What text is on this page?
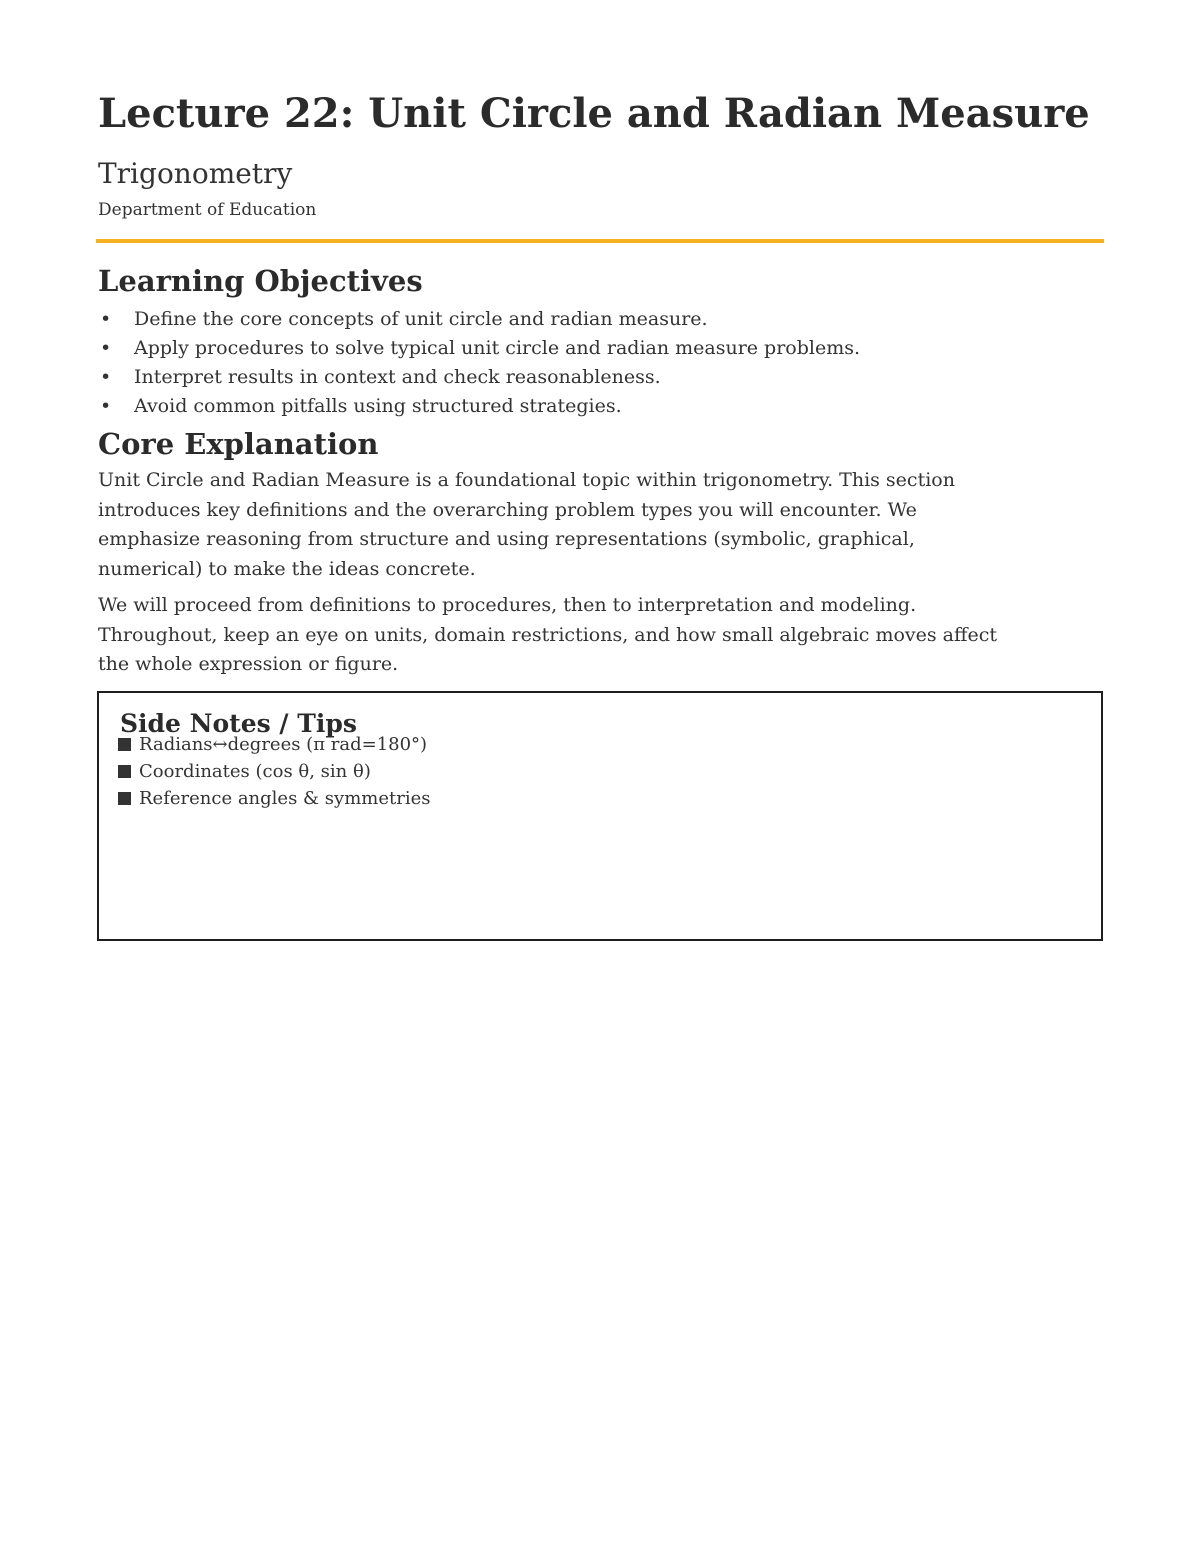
Lecture 22: Unit Circle and Radian Measure

Trigonometry

Department of Education

Learning Objectives
•	Define the core concepts of unit circle and radian measure.
•	Apply procedures to solve typical unit circle and radian measure problems.
•	Interpret results in context and check reasonableness.
•	Avoid common pitfalls using structured strategies.
Core Explanation

Unit Circle and Radian Measure is a foundational topic within trigonometry. This section
introduces key definitions and the overarching problem types you will encounter. We
emphasize reasoning from structure and using representations (symbolic, graphical,
numerical) to make the ideas concrete.

We will proceed from definitions to procedures, then to interpretation and modeling.
Throughout, keep an eye on units, domain restrictions, and how small algebraic moves affect
the whole expression or figure.

Side Notes / Tips
Radians↔degrees (π rad=180°)
Coordinates (cos θ, sin θ)
Reference angles & symmetries
